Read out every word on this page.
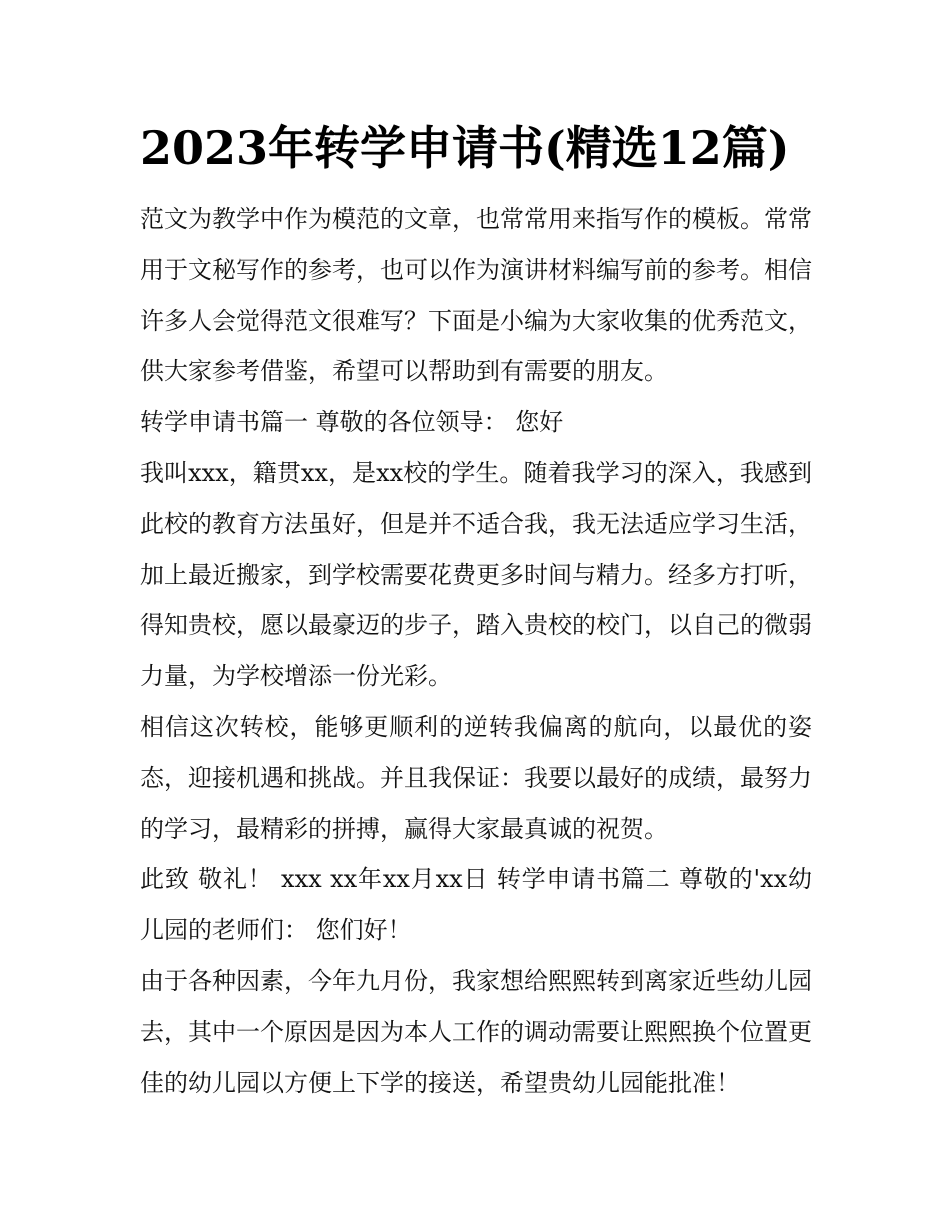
2023年转学申请书(精选12篇)

范文为教学中作为模范的文章，也常常用来指写作的模板。常常用于文秘写作的参考，也可以作为演讲材料编写前的参考。相信许多人会觉得范文很难写？下面是小编为大家收集的优秀范文，供大家参考借鉴，希望可以帮助到有需要的朋友。

转学申请书篇一 尊敬的各位领导： 您好

我叫xxx，籍贯xx，是xx校的学生。随着我学习的深入，我感到此校的教育方法虽好，但是并不适合我，我无法适应学习生活，加上最近搬家，到学校需要花费更多时间与精力。经多方打听，得知贵校，愿以最豪迈的步子，踏入贵校的校门，以自己的微弱力量，为学校增添一份光彩。

相信这次转校，能够更顺利的逆转我偏离的航向，以最优的姿态，迎接机遇和挑战。并且我保证：我要以最好的成绩，最努力的学习，最精彩的拼搏，赢得大家最真诚的祝贺。

此致 敬礼！ xxx xx年xx月xx日 转学申请书篇二 尊敬的'xx幼儿园的老师们： 您们好！

由于各种因素，今年九月份，我家想给熙熙转到离家近些幼儿园去，其中一个原因是因为本人工作的调动需要让熙熙换个位置更佳的幼儿园以方便上下学的接送，希望贵幼儿园能批准！
